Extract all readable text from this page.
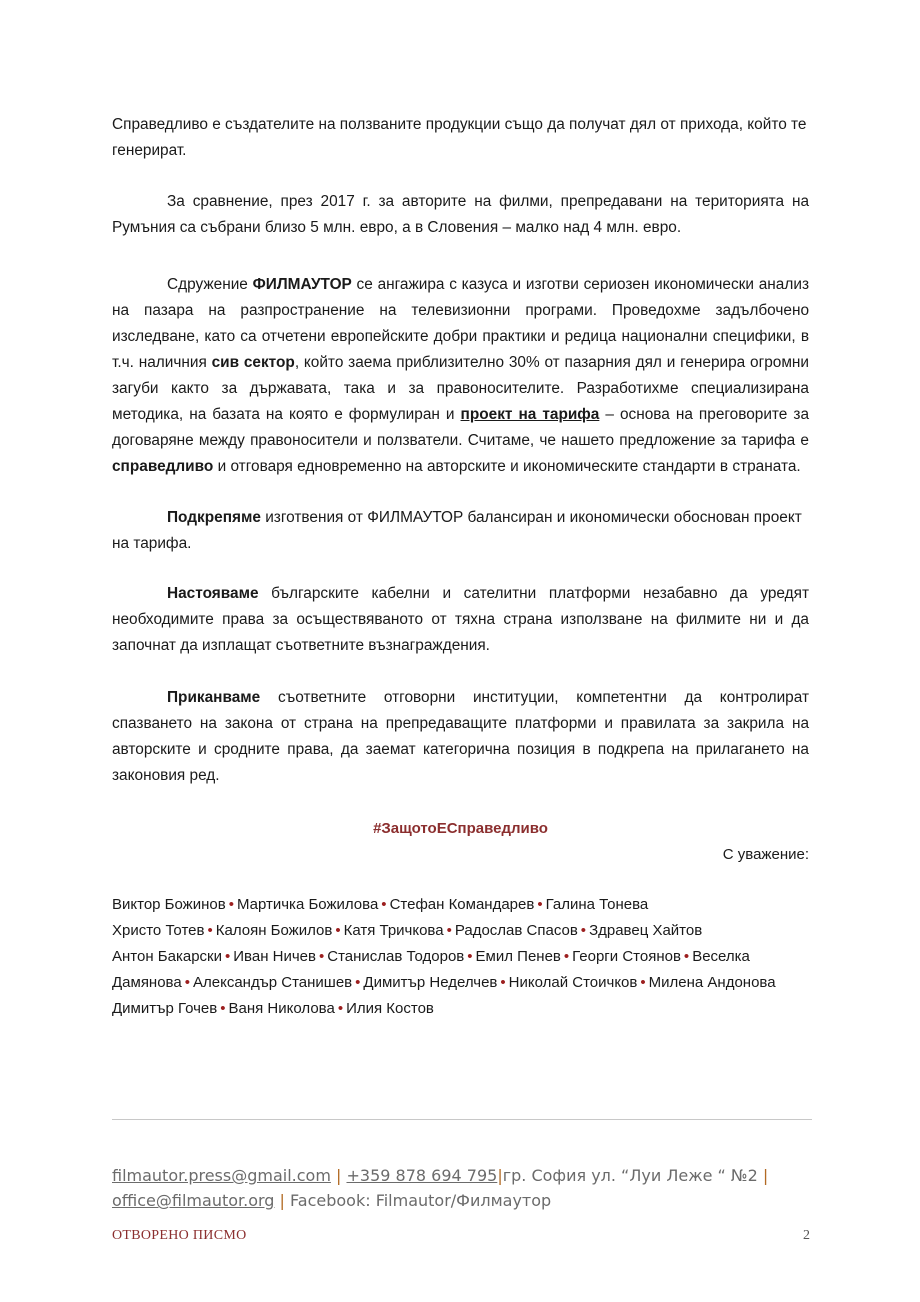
Справедливо е създателите на ползваните продукции също да получат дял от прихода, който те генерират.

За сравнение, през 2017 г. за авторите на филми, препредавани на територията на Румъния са събрани близо 5 млн. евро, а в Словения – малко над 4 млн. евро.

Сдружение ФИЛМАУТОР се ангажира с казуса и изготви сериозен икономически анализ на пазара на разпространение на телевизионни програми. Проведохме задълбочено изследване, като са отчетени европейските добри практики и редица национални специфики, в т.ч. наличния сив сектор, който заема приблизително 30% от пазарния дял и генерира огромни загуби както за държавата, така и за правоносителите. Разработихме специализирана методика, на базата на която е формулиран и проект на тарифа – основа на преговорите за договаряне между правоносители и ползватели. Считаме, че нашето предложение за тарифа е справедливо и отговаря едновременно на авторските и икономическите стандарти в страната.

Подкрепяме изготвения от ФИЛМАУТОР балансиран и икономически обоснован проект на тарифа.

Настояваме българските кабелни и сателитни платформи незабавно да уредят необходимите права за осъществяваното от тяхна страна използване на филмите ни и да започнат да изплащат съответните възнаграждения.

Приканваме съответните отговорни институции, компетентни да контролират спазването на закона от страна на препредаващите платформи и правилата за закрила на авторските и сродните права, да заемат категорична позиция в подкрепа на прилагането на законовия ред.

#ЗащотоЕСправедливо
С уважение:
Виктор Божинов • Мартичка Божилова • Стефан Командарев • Галина Тонева
Христо Тотев • Калоян Божилов • Катя Тричкова • Радослав Спасов • Здравец Хайтов
Антон Бакарски • Иван Ничев • Станислав Тодоров • Емил Пенев • Георги Стоянов • Веселка
Дамянова • Александър Станишев • Димитър Неделчев • Николай Стоичков • Милена Андонова
Димитър Гочев • Ваня Николова • Илия Костов
filmautor.press@gmail.com | +359 878 694 795|гр. София ул. “Луи Леже “ №2 |
office@filmautor.org | Facebook: Filmautor/Филмаутор
ОТВОРЕНО ПИСМО	2
